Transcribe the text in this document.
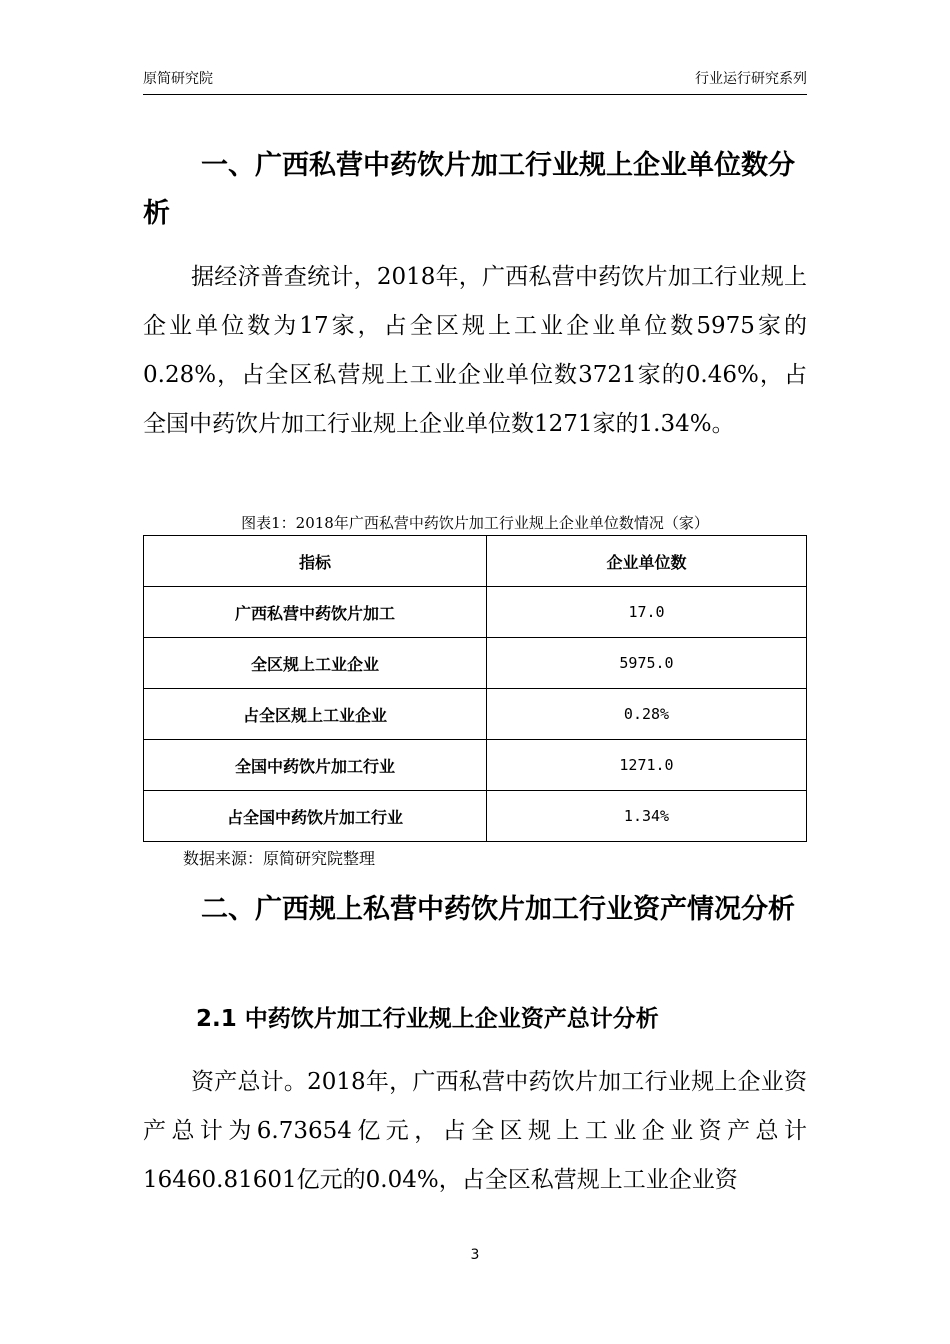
原简研究院	行业运行研究系列
一、广西私营中药饮片加工行业规上企业单位数分析

据经济普查统计，2018年，广西私营中药饮片加工行业规上企业单位数为17家，占全区规上工业企业单位数5975家的0.28%，占全区私营规上工业企业单位数3721家的0.46%，占全国中药饮片加工行业规上企业单位数1271家的1.34%。

图表1：2018年广西私营中药饮片加工行业规上企业单位数情况（家）
指标	企业单位数
广西私营中药饮片加工	17.0
全区规上工业企业	5975.0
占全区规上工业企业	0.28%
全国中药饮片加工行业	1271.0
占全国中药饮片加工行业	1.34%
数据来源：原简研究院整理
二、广西规上私营中药饮片加工行业资产情况分析
2.1 中药饮片加工行业规上企业资产总计分析

资产总计。2018年，广西私营中药饮片加工行业规上企业资产总计为6.73654亿元，占全区规上工业企业资产总计16460.81601亿元的0.04%，占全区私营规上工业企业资

3
